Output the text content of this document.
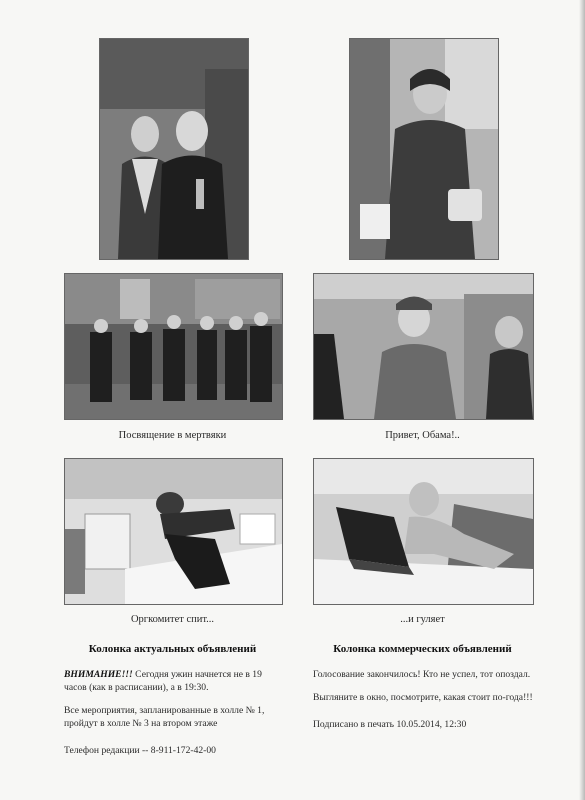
Посвящение в мертвяки	Привет, Обама!..
Оргкомитет спит...	...и гуляет
Колонка актуальных объявлений

ВНИМАНИЕ!!! Сегодня ужин начнется не в 19 часов (как в расписании), а в 19:30.

Все мероприятия, запланированные в холле № 1, пройдут в холле № 3 на втором этаже

Телефон редакции -- 8-911-172-42-00

Колонка коммерческих объявлений

Голосование закончилось! Кто не успел, тот опоздал.

Выгляните в окно, посмотрите, какая стоит по-года!!!

Подписано в печать 10.05.2014, 12:30
